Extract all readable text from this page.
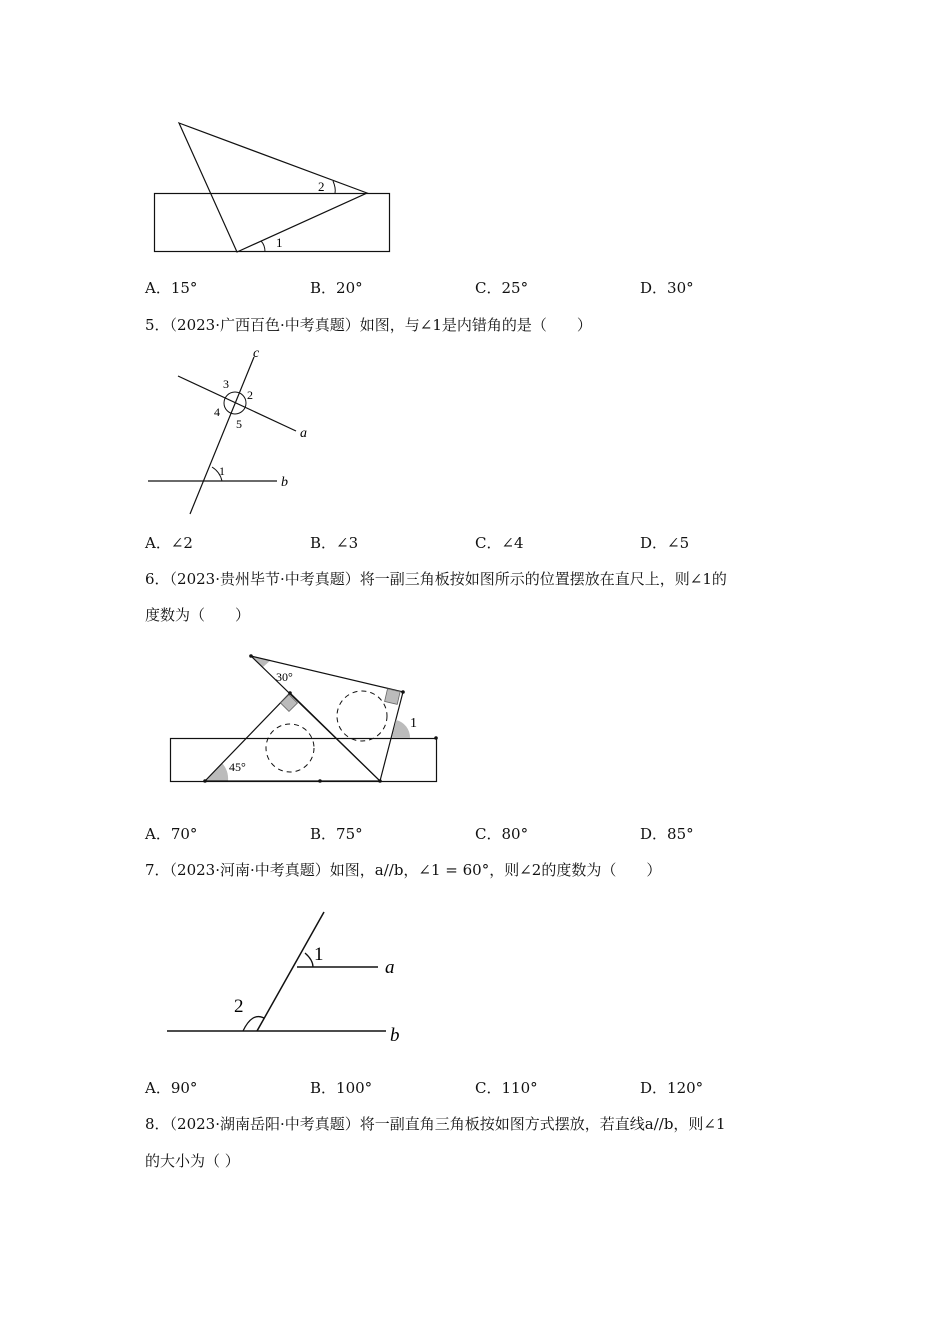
2
1
A．15°	B．20°	C．25°	D．30°
5．（2023·广西百色·中考真题）如图，与∠1是内错角的是（　　）
c
a
b
3
2
4
5
1
A．∠2	B．∠3	C．∠4	D．∠5
6．（2023·贵州毕节·中考真题）将一副三角板按如图所示的位置摆放在直尺上，则∠1的
度数为（　　）
30°
45°
1
A．70°	B．75°	C．80°	D．85°
7．（2023·河南·中考真题）如图，a//b，∠1 = 60°，则∠2的度数为（　　）
1
2
a
b
A．90°	B．100°	C．110°	D．120°
8．（2023·湖南岳阳·中考真题）将一副直角三角板按如图方式摆放，若直线a//b，则∠1
的大小为（ ）
